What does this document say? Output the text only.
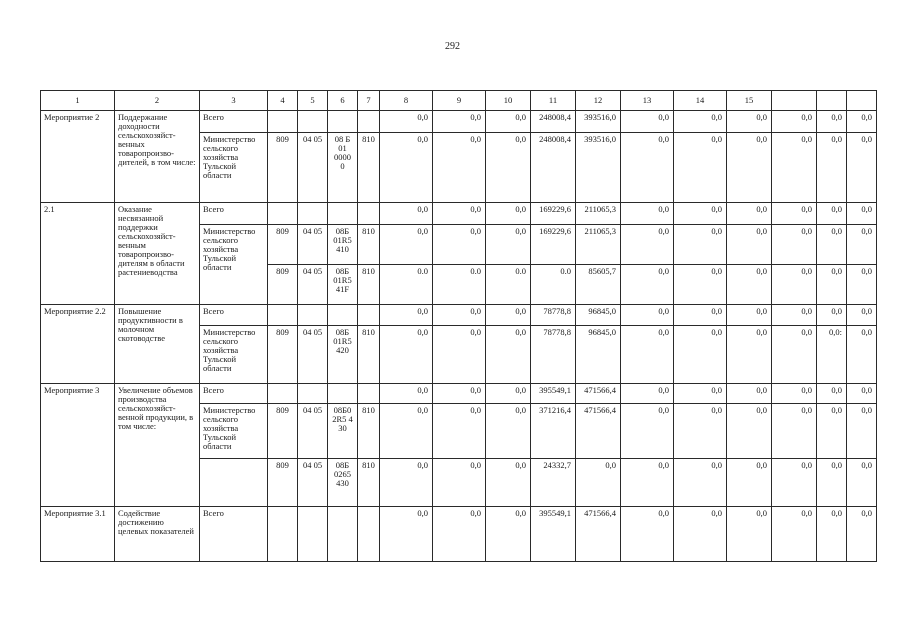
292
1	2	3	4	5	6	7	8	9	10	11	12	13	14	15			
Мероприятие 2	Поддержание доходности сельскохозяйст- венных товаропроизво- дителей, в том числе:	Всего					0,0	0,0	0,0	248008,4	393516,0	0,0	0,0	0,0	0,0	0,0	0,0
		Министерство сельского хозяйства Тульской области	809	04 05	08 Б 01 0000 0	810	0,0	0,0	0,0	248008,4	393516,0	0,0	0,0	0,0	0,0	0,0	0,0
2.1	Оказание несвязанной поддержки сельскохозяйст- венным товаропроизво- дителям в области растениеводства	Всего					0,0	0,0	0,0	169229,6	211065,3	0,0	0,0	0,0	0,0	0,0	0,0
		Министерство сельского хозяйства Тульской области	809	04 05	08Б 01R5 410	810	0,0	0,0	0,0	169229,6	211065,3	0,0	0,0	0,0	0,0	0,0	0,0
			809	04 05	08Б 01R5 41F	810	0.0	0.0	0.0	0.0	85605,7	0,0	0,0	0,0	0,0	0,0	0,0
Мероприятие 2.2	Повышение продуктивности в молочном скотоводстве	Всего					0,0	0,0	0,0	78778,8	96845,0	0,0	0,0	0,0	0,0	0,0	0,0
		Министерство сельского хозяйства Тульской области	809	04 05	08Б 01R5 420	810	0,0	0,0	0,0	78778,8	96845,0	0,0	0,0	0,0	0,0	0,0:	0,0
Мероприятие 3	Увеличение объемов производства сельскохозяйст- венной продукции, в том числе:	Всего					0,0	0,0	0,0	395549,1	471566,4	0,0	0,0	0,0	0,0	0,0	0,0
		Министерство сельского хозяйства Тульской области	809	04 05	08Б0 2R5 4 30	810	0,0	0,0	0,0	371216,4	471566,4	0,0	0,0	0,0	0,0	0,0	0,0
			809	04 05	08Б 0265 430	810	0,0	0,0	0,0	24332,7	0,0	0,0	0,0	0,0	0,0	0,0	0,0
Мероприятие 3.1	Содействие достижению целевых показателей	Всего					0,0	0,0	0,0	395549,1	471566,4	0,0	0,0	0,0	0,0	0,0	0,0
